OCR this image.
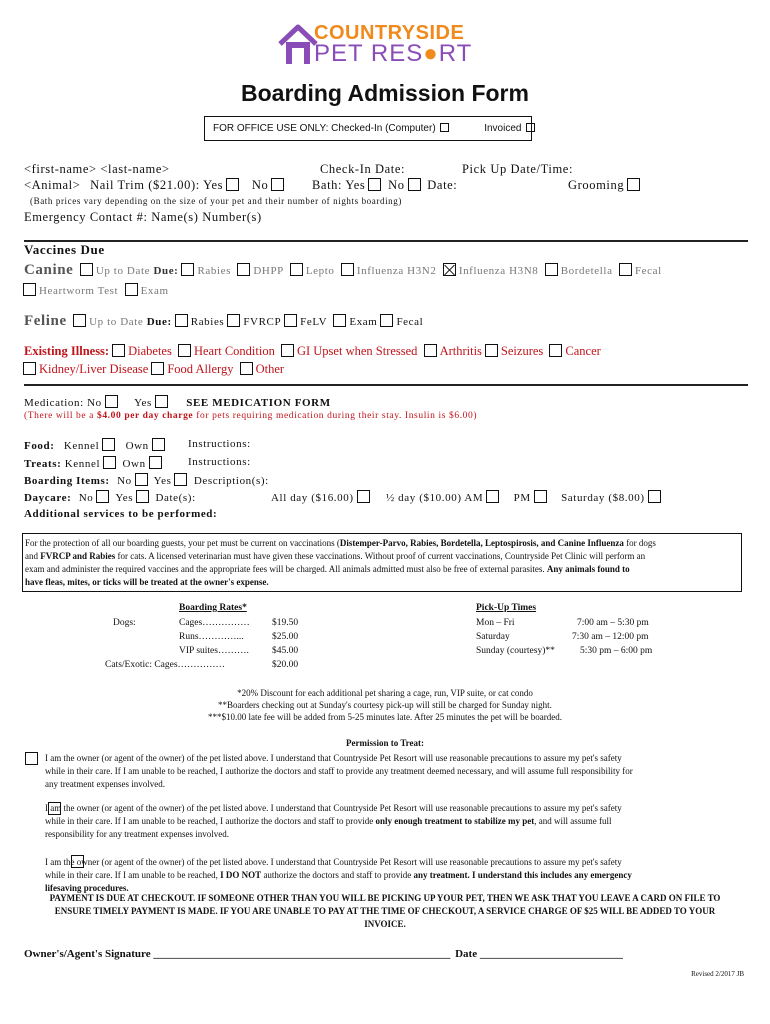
COUNTRYSIDE
PET RES●RT
Boarding Admission Form
FOR OFFICE USE ONLY: Checked-In (Computer)	Invoiced
<first-name> <last-name>	Check-In Date:	Pick Up Date/Time:
<Animal> Nail Trim ($21.00): Yes No	Bath: Yes No Date:	Grooming
(Bath prices vary depending on the size of your pet and their number of nights boarding)
Emergency Contact #: Name(s) Number(s)
Vaccines Due
Canine Up to Date Due: Rabies DHPP Lepto Influenza H3N2 Influenza H3N8 Bordetella Fecal
Heartworm Test Exam
Feline Up to Date Due: Rabies FVRCP FeLV Exam Fecal
Existing Illness: Diabetes Heart Condition GI Upset when Stressed Arthritis Seizures Cancer
Kidney/Liver Disease Food Allergy Other
Medication: No	Yes	SEE MEDICATION FORM
(There will be a $4.00 per day charge for pets requiring medication during their stay. Insulin is $6.00)
Food: Kennel Own	Instructions:
Treats: Kennel Own	Instructions:
Boarding Items: No Yes Description(s):
Daycare: No Yes Date(s):	All day ($16.00)	½ day ($10.00) AM	PM	Saturday ($8.00)
Additional services to be performed:
For the protection of all our boarding guests, your pet must be current on vaccinations (Distemper-Parvo, Rabies, Bordetella, Leptospirosis, and Canine Influenza for dogs
and FVRCP and Rabies for cats. A licensed veterinarian must have given these vaccinations. Without proof of current vaccinations, Countryside Pet Clinic will perform an
exam and administer the required vaccines and the appropriate fees will be charged. All animals admitted must also be free of external parasites. Any animals found to
have fleas, mites, or ticks will be treated at the owner's expense.
Boarding Rates*
Dogs:	Cages…………… $19.50
Runs…………...	$25.00
VIP suites………. $45.00
Cats/Exotic: Cages……………	$20.00
Pick-Up Times
Mon – Fri	7:00 am – 5:30 pm
Saturday	7:30 am – 12:00 pm
Sunday (courtesy)**	5:30 pm – 6:00 pm
*20% Discount for each additional pet sharing a cage, run, VIP suite, or cat condo
**Boarders checking out at Sunday's courtesy pick-up will still be charged for Sunday night.
***$10.00 late fee will be added from 5-25 minutes late. After 25 minutes the pet will be boarded.
Permission to Treat:

I am the owner (or agent of the owner) of the pet listed above. I understand that Countryside Pet Resort will use reasonable precautions to assure my pet's safety
while in their care. If I am unable to be reached, I authorize the doctors and staff to provide any treatment deemed necessary, and will assume full responsibility for
any treatment expenses involved.

I am the owner (or agent of the owner) of the pet listed above. I understand that Countryside Pet Resort will use reasonable precautions to assure my pet's safety
while in their care. If I am unable to be reached, I authorize the doctors and staff to provide only enough treatment to stabilize my pet, and will assume full
responsibility for any treatment expenses involved.
I am the owner (or agent of the owner) of the pet listed above. I understand that Countryside Pet Resort will use reasonable precautions to assure my pet's safety
while in their care. If I am unable to be reached, I DO NOT authorize the doctors and staff to provide any treatment. I understand this includes any emergency
lifesaving procedures.
PAYMENT IS DUE AT CHECKOUT. IF SOMEONE OTHER THAN YOU WILL BE PICKING UP YOUR PET, THEN WE ASK THAT YOU LEAVE A CARD ON FILE TO
ENSURE TIMELY PAYMENT IS MADE. IF YOU ARE UNABLE TO PAY AT THE TIME OF CHECKOUT, A SERVICE CHARGE OF $25 WILL BE ADDED TO YOUR
INVOICE.
Owner's/Agent's Signature ______________________________________________________ Date __________________________
Revised 2/2017 JB
